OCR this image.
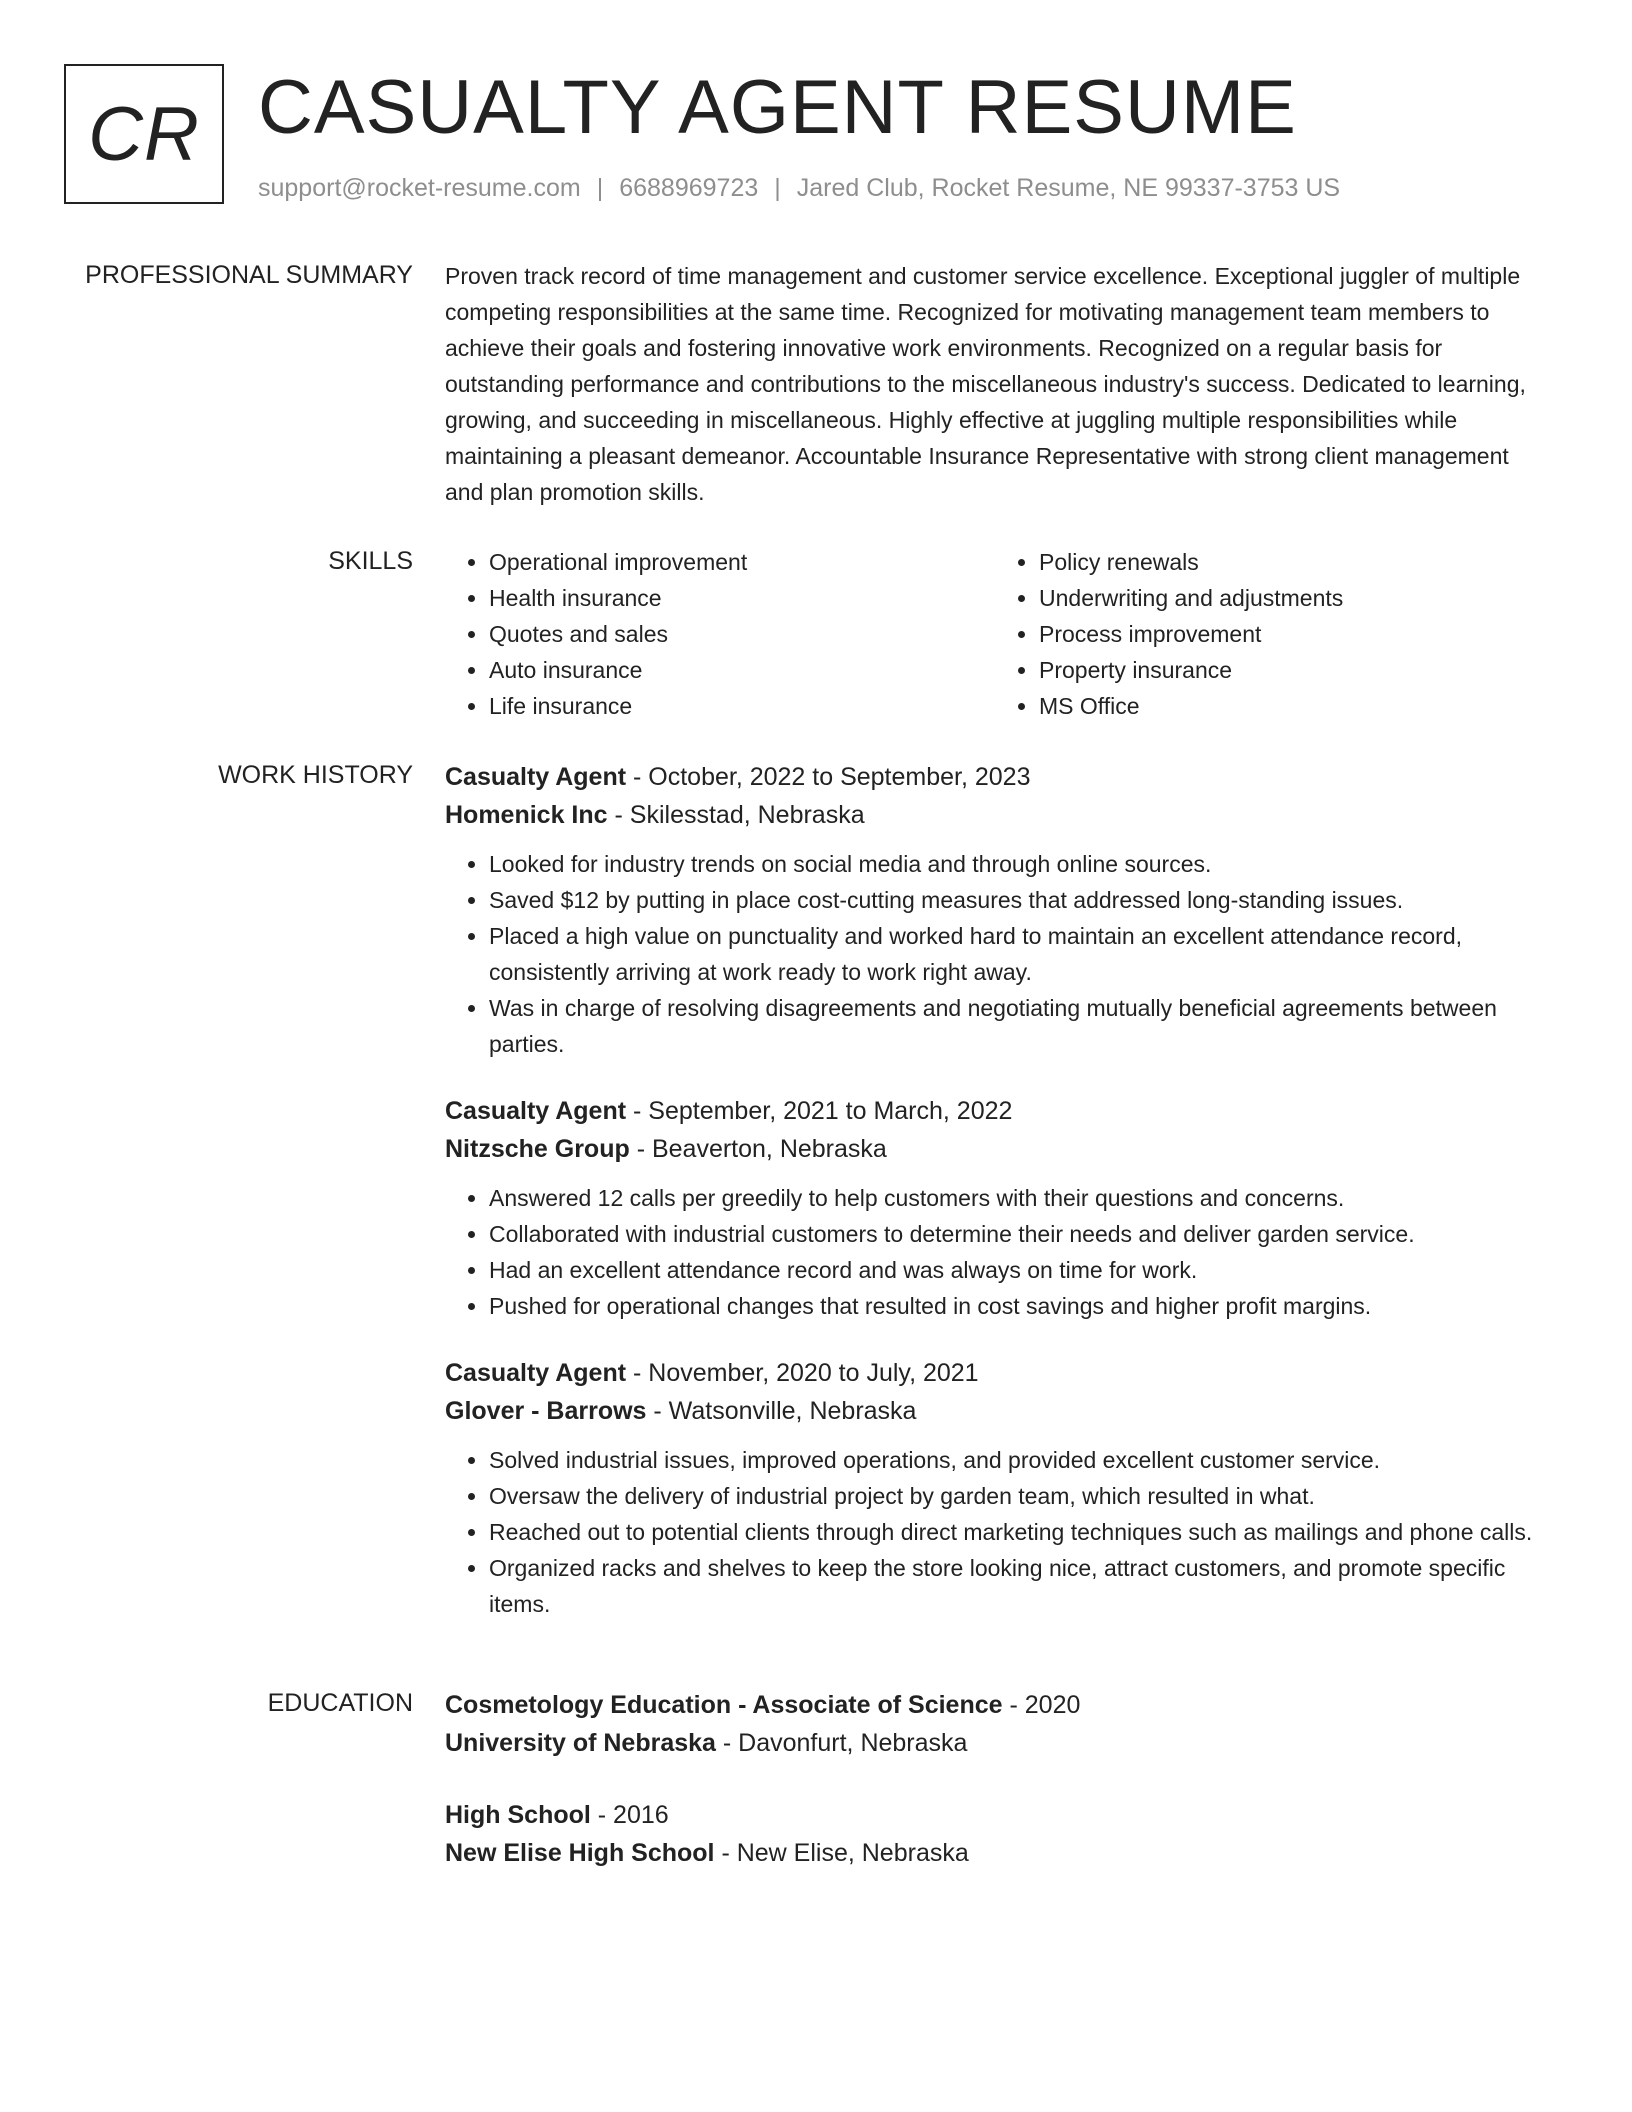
CR CASUALTY AGENT RESUME
support@rocket-resume.com | 6688969723 | Jared Club, Rocket Resume, NE 99337-3753 US
PROFESSIONAL SUMMARY Proven track record of time management and customer service excellence. Exceptional juggler of multiple competing responsibilities at the same time. Recognized for motivating management team members to achieve their goals and fostering innovative work environments. Recognized on a regular basis for outstanding performance and contributions to the miscellaneous industry's success. Dedicated to learning, growing, and succeeding in miscellaneous. Highly effective at juggling multiple responsibilities while maintaining a pleasant demeanor. Accountable Insurance Representative with strong client management and plan promotion skills.

SKILLS
•	Operational improvement
• Health insurance
• Quotes and sales
• Auto insurance
• Life insurance
• Policy renewals
• Underwriting and adjustments
• Process improvement
• Property insurance
• MS Office
WORK HISTORY Casualty Agent - October, 2022 to September, 2023
Homenick Inc - Skilesstad, Nebraska
• Looked for industry trends on social media and through online sources.
• Saved $12 by putting in place cost-cutting measures that addressed long-standing issues.
• Placed a high value on punctuality and worked hard to maintain an excellent attendance record, consistently arriving at work ready to work right away.
• Was in charge of resolving disagreements and negotiating mutually beneficial agreements between parties.
Casualty Agent - September, 2021 to March, 2022
Nitzsche Group - Beaverton, Nebraska
• Answered 12 calls per greedily to help customers with their questions and concerns.
• Collaborated with industrial customers to determine their needs and deliver garden service.
• Had an excellent attendance record and was always on time for work.
• Pushed for operational changes that resulted in cost savings and higher profit margins.
Casualty Agent - November, 2020 to July, 2021
Glover - Barrows - Watsonville, Nebraska
• Solved industrial issues, improved operations, and provided excellent customer service.
• Oversaw the delivery of industrial project by garden team, which resulted in what.
• Reached out to potential clients through direct marketing techniques such as mailings and phone calls.
• Organized racks and shelves to keep the store looking nice, attract customers, and promote specific items.
EDUCATION Cosmetology Education - Associate of Science - 2020
University of Nebraska - Davonfurt, Nebraska
High School - 2016
New Elise High School - New Elise, Nebraska
